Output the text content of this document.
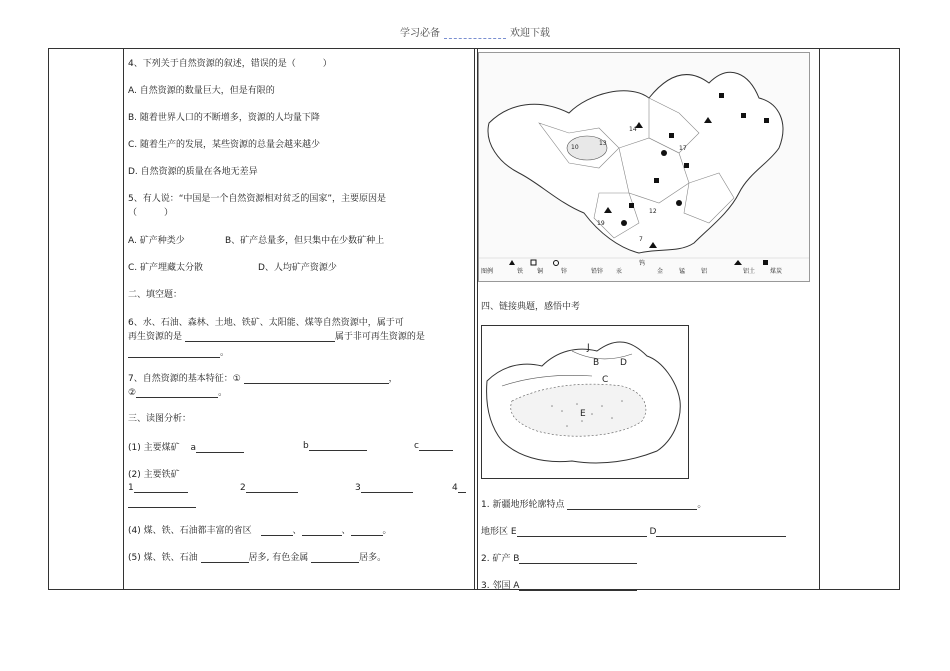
学习必备	欢迎下载
4、下列关于自然资源的叙述，错误的是（　　　）
A. 自然资源的数量巨大，但是有限的
B. 随着世界人口的不断增多，资源的人均量下降
C. 随着生产的发展，某些资源的总量会越来越少
D. 自然资源的质量在各地无差异
5、有人说：“中国是一个自然资源相对贫乏的国家”，主要原因是
（　　　）
A. 矿产种类少	B、矿产总量多，但只集中在少数矿种上
C. 矿产埋藏太分散	D、人均矿产资源少
二、填空题：
6、水、石油、森林、土地、铁矿、太阳能、煤等自然资源中，属于可
再生资源的是	属于非可再生资源的是
。
7、自然资源的基本特征：①	，
②	。
三、读图分析：
(1) 主要煤矿 a	b	c
(2) 主要铁矿
1	2	3	4
(4) 煤、铁、石油都丰富的省区	、	、	。
(5) 煤、铁、石油	居多, 有色金属	居多。
10
13
14
17
12
19
7
图例	铁 铜	锌	铅锌 汞
钨
金	锰	铝	铝土 煤炭
四、链接典题，感悟中考
J
B D
C
E
1. 新疆地形轮廓特点	。
地形区 E	D
2. 矿产 B
3. 邻国 A
